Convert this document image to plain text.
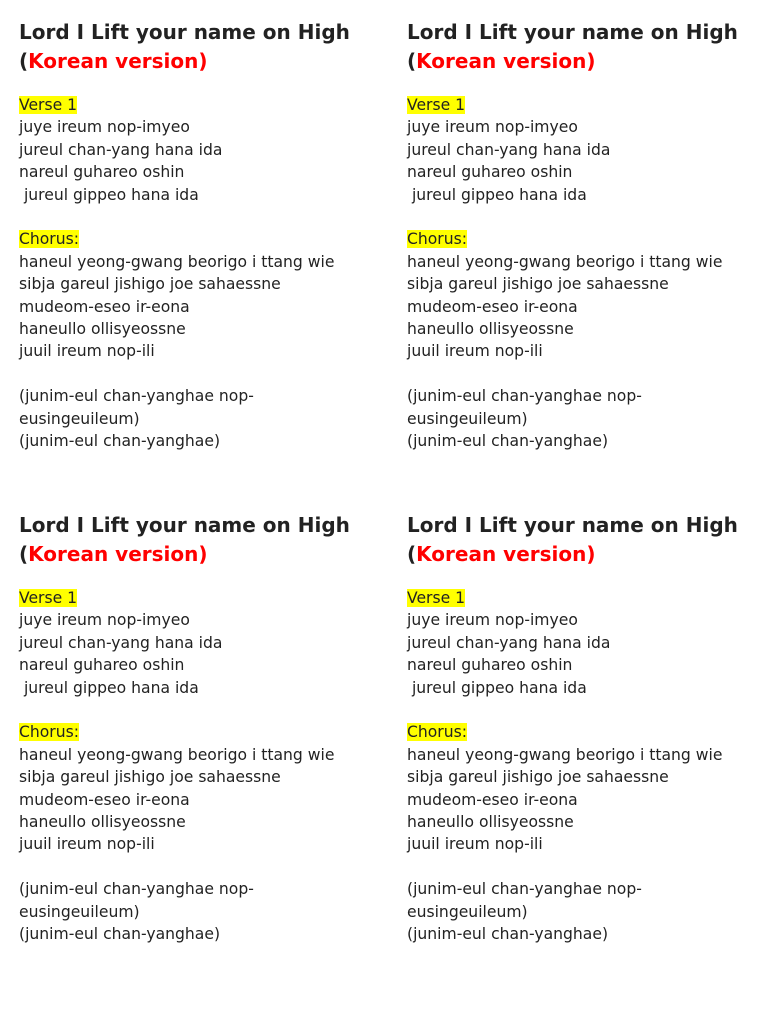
Lord I Lift your name on High
(Korean version)
Verse 1
juye ireum nop-imyeo
jureul chan-yang hana ida
nareul guhareo oshin
jureul gippeo hana ida
Chorus:
haneul yeong-gwang beorigo i ttang wie
sibja gareul jishigo joe sahaessne
mudeom-eseo ir-eona
haneullo ollisyeossne
juuil ireum nop-ili
(junim-eul chan-yanghae nop-
eusingeuileum)
(junim-eul chan-yanghae)
Lord I Lift your name on High
(Korean version)
Verse 1
juye ireum nop-imyeo
jureul chan-yang hana ida
nareul guhareo oshin
jureul gippeo hana ida
Chorus:
haneul yeong-gwang beorigo i ttang wie
sibja gareul jishigo joe sahaessne
mudeom-eseo ir-eona
haneullo ollisyeossne
juuil ireum nop-ili
(junim-eul chan-yanghae nop-
eusingeuileum)
(junim-eul chan-yanghae)
Lord I Lift your name on High
(Korean version)
Verse 1
juye ireum nop-imyeo
jureul chan-yang hana ida
nareul guhareo oshin
jureul gippeo hana ida
Chorus:
haneul yeong-gwang beorigo i ttang wie
sibja gareul jishigo joe sahaessne
mudeom-eseo ir-eona
haneullo ollisyeossne
juuil ireum nop-ili
(junim-eul chan-yanghae nop-
eusingeuileum)
(junim-eul chan-yanghae)
Lord I Lift your name on High
(Korean version)
Verse 1
juye ireum nop-imyeo
jureul chan-yang hana ida
nareul guhareo oshin
jureul gippeo hana ida
Chorus:
haneul yeong-gwang beorigo i ttang wie
sibja gareul jishigo joe sahaessne
mudeom-eseo ir-eona
haneullo ollisyeossne
juuil ireum nop-ili
(junim-eul chan-yanghae nop-
eusingeuileum)
(junim-eul chan-yanghae)
